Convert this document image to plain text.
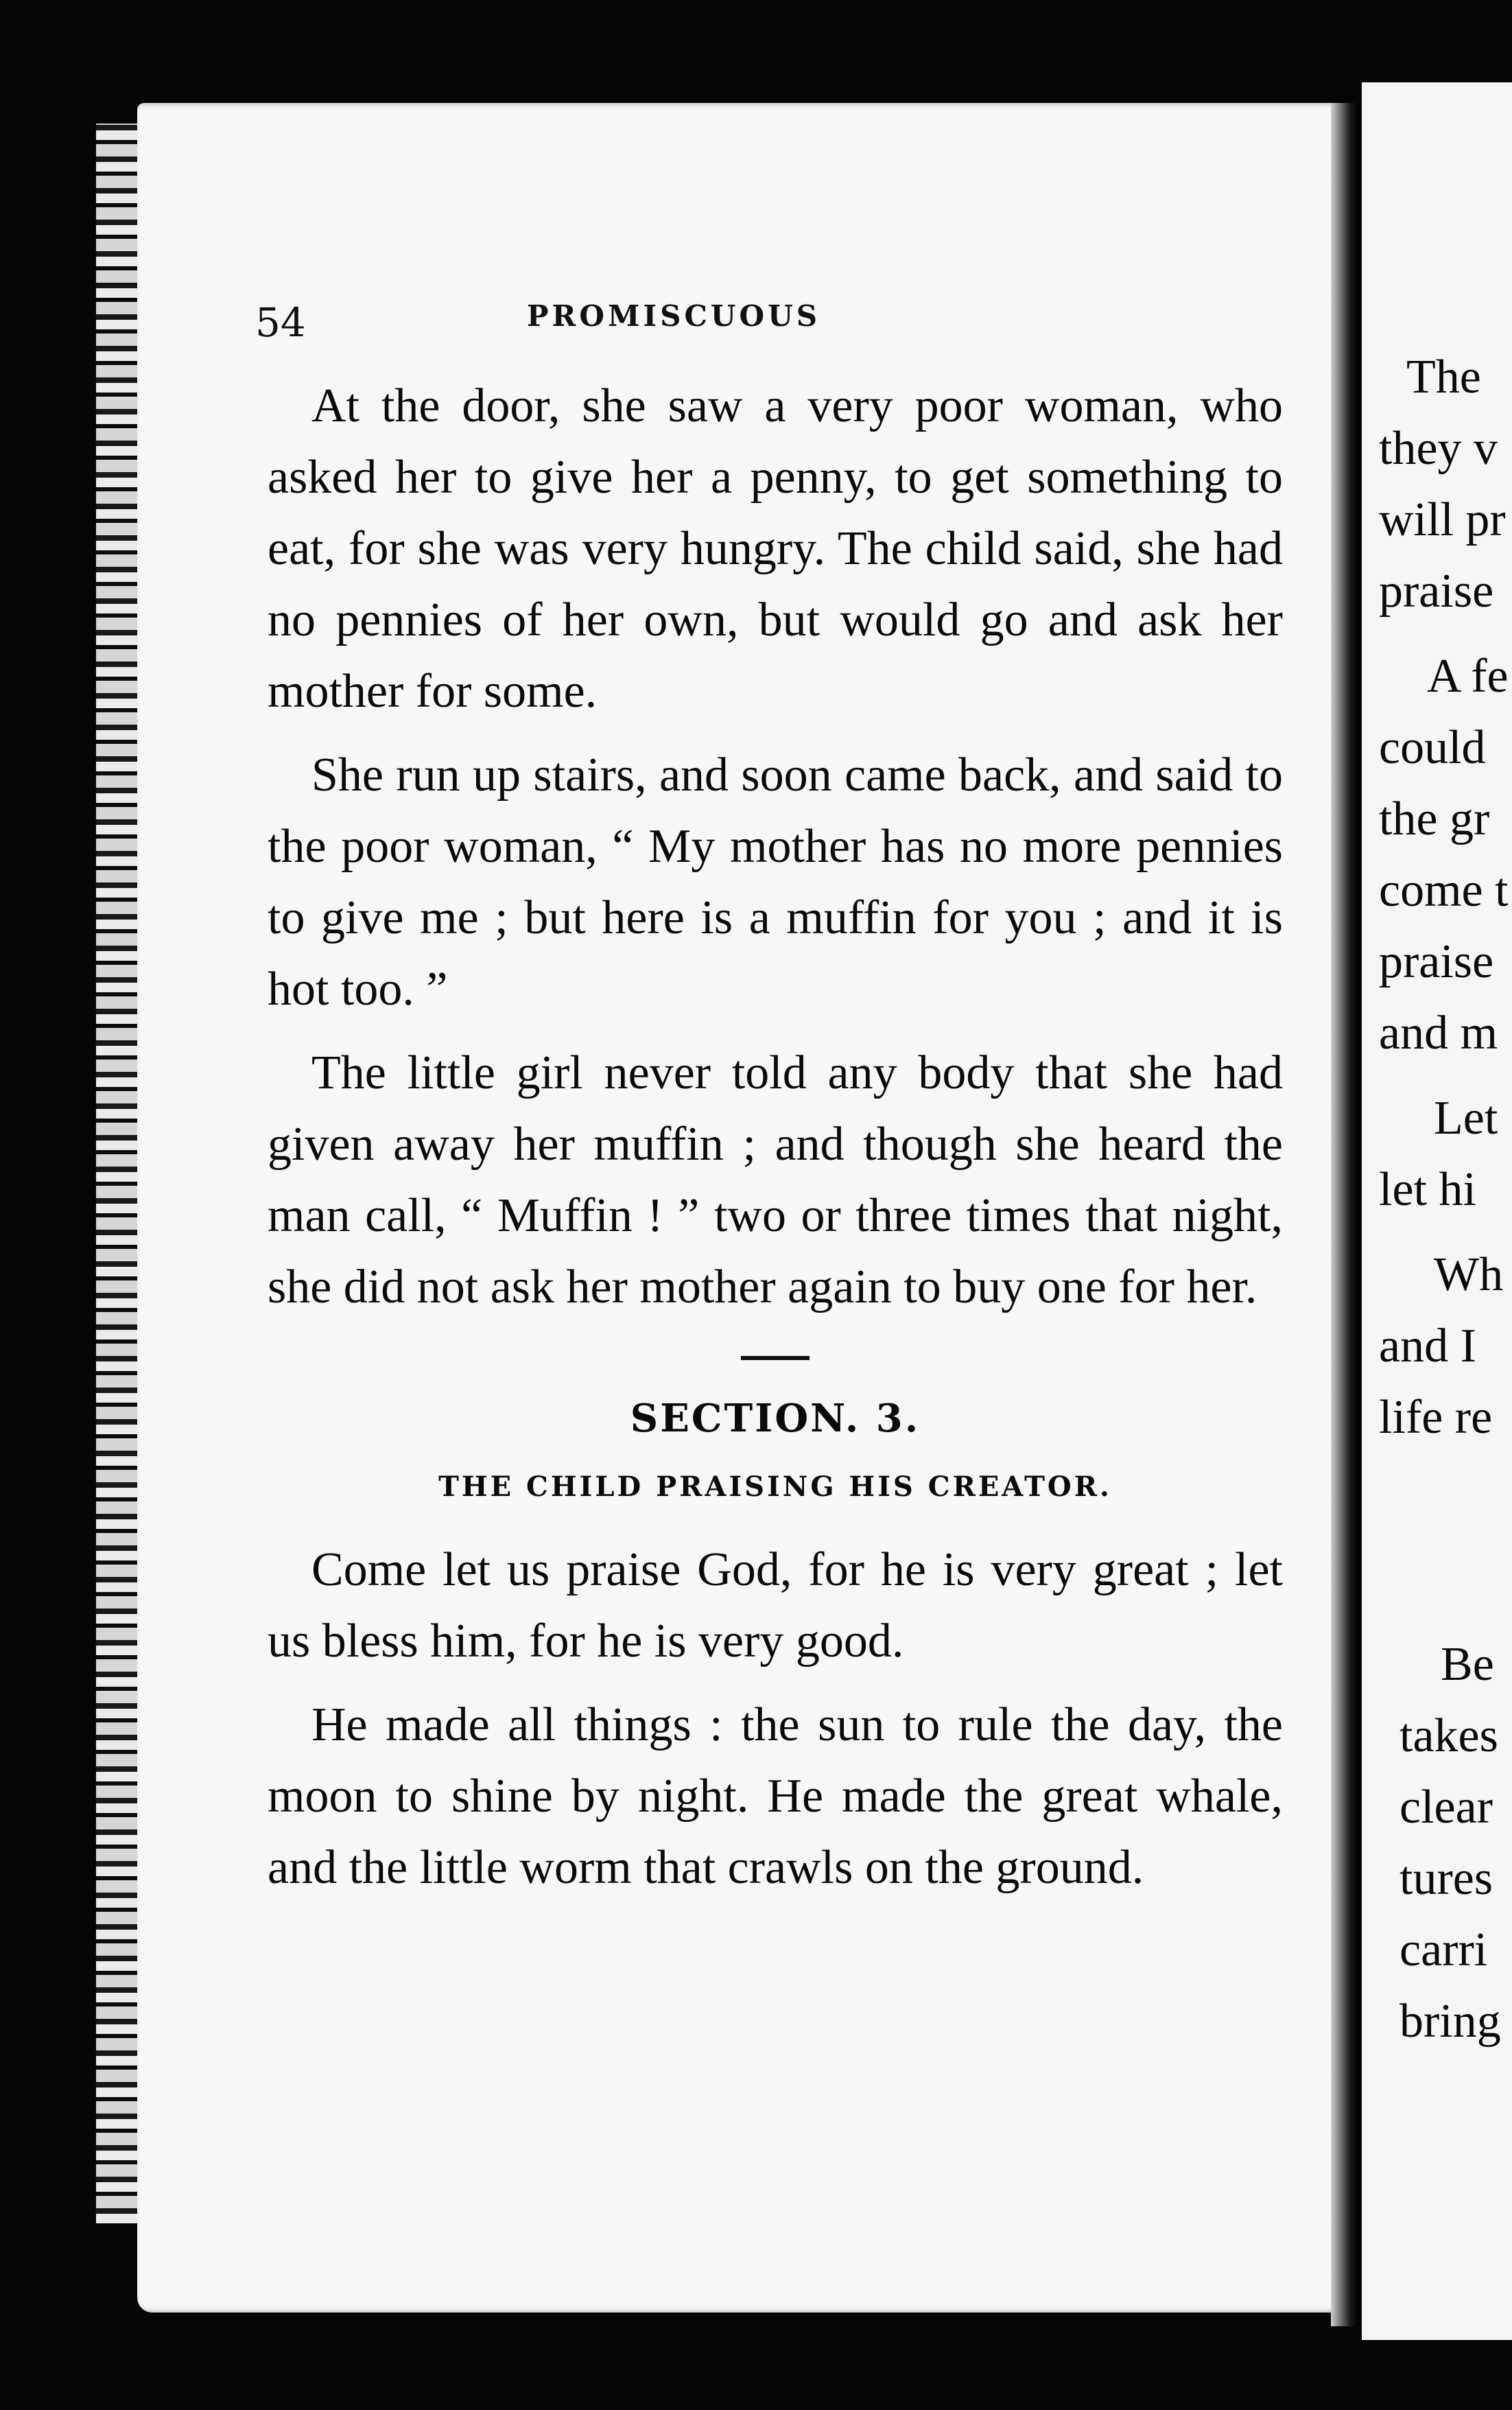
54	PROMISCUOUS

At the door, she saw a very poor woman, who asked her to give her a penny, to get something to eat, for she was very hungry. The child said, she had no pennies of her own, but would go and ask her mother for some.

She run up stairs, and soon came back, and said to the poor woman, “ My mother has no more pennies to give me ; but here is a muffin for you ; and it is hot too. ”

The little girl never told any body that she had given away her muffin ; and though she heard the man call, “ Muffin ! ” two or three times that night, she did not ask her mother again to buy one for her.

SECTION. 3.
THE CHILD PRAISING HIS CREATOR.

Come let us praise God, for he is very great ; let us bless him, for he is very good.

He made all things : the sun to rule the day, the moon to shine by night. He made the great whale, and the little worm that crawls on the ground.

The
they v
will pr
praise
A fe
could
the gr
come t
praise
and m
Let
let hi
Wh
and I
life re
Be
takes
clear
tures
carri
bring
